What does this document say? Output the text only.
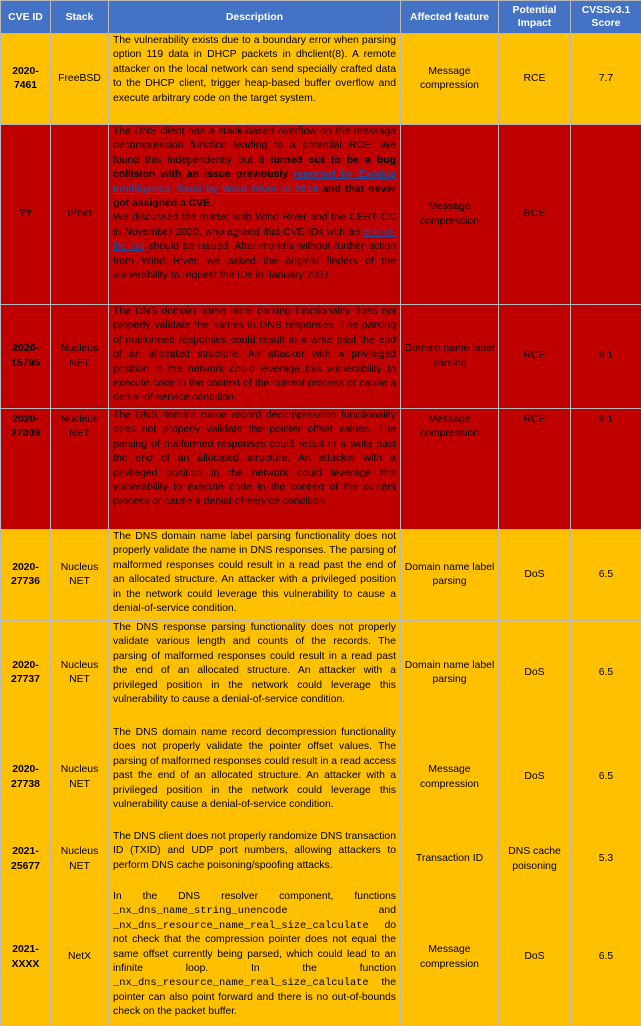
CVE ID	Stack	Description	Affected feature	Potential Impact	CVSSv3.1 Score
2020-7461	FreeBSD	The vulnerability exists due to a boundary error when parsing option 119 data in DHCP packets in dhclient(8). A remote attacker on the local network can send specially crafted data to the DHCP client, trigger heap-based buffer overflow and execute arbitrary code on the target system.	Message compression	RCE	7.7
??	IPnet	The DNS client has a stack-based overflow on the message decompression function leading to a potential RCE. We found this independently but it turned out to be a bug collision with an issue previously reported by Exodus Intelligence, fixed by Wind River in 2016 and that never got assigned a CVE.
We discussed the matter with Wind River and the CERT CC in November 2020, who agreed that CVE IDs with an end-of-life tag should be issued. After months without further action from Wind River, we asked the original finders of the vulnerability to request the IDs in January 2021.	Message compression	RCE	
2020-15795	Nucleus NET	The DNS domain name label parsing functionality does not properly validate the names in DNS responses. The parsing of malformed responses could result in a write past the end of an allocated structure. An attacker with a privileged position in the network could leverage this vulnerability to execute code in the context of the current process or cause a denial-of-service condition.	Domain name label parsing	RCE	8.1
2020-27009	Nucleus NET	The DNS domain name record decompression functionality does not properly validate the pointer offset values. The parsing of malformed responses could result in a write past the end of an allocated structure. An attacker with a privileged position in the network could leverage this vulnerability to execute code in the context of the current process or cause a denial-of-service condition.	Message compression	RCE	8.1
2020-27736	Nucleus NET	The DNS domain name label parsing functionality does not properly validate the name in DNS responses. The parsing of malformed responses could result in a read past the end of an allocated structure. An attacker with a privileged position in the network could leverage this vulnerability to cause a denial-of-service condition.	Domain name label parsing	DoS	6.5
2020-27737	Nucleus NET	The DNS response parsing functionality does not properly validate various length and counts of the records. The parsing of malformed responses could result in a read past the end of an allocated structure. An attacker with a privileged position in the network could leverage this vulnerability to cause a denial-of-service condition.	Domain name label parsing	DoS	6.5
2020-27738	Nucleus NET	The DNS domain name record decompression functionality does not properly validate the pointer offset values. The parsing of malformed responses could result in a read access past the end of an allocated structure. An attacker with a privileged position in the network could leverage this vulnerability cause a denial-of-service condition.	Message compression	DoS	6.5
2021-25677	Nucleus NET	The DNS client does not properly randomize DNS transaction ID (TXID) and UDP port numbers, allowing attackers to perform DNS cache poisoning/spoofing attacks.	Transaction ID	DNS cache poisoning	5.3
2021-XXXX	NetX	In the DNS resolver component, functions _nx_dns_name_string_unencode and _nx_dns_resource_name_real_size_calculate do not check that the compression pointer does not equal the same offset currently being parsed, which could lead to an infinite loop. In the function _nx_dns_resource_name_real_size_calculate the pointer can also point forward and there is no out-of-bounds check on the packet buffer.	Message compression	DoS	6.5
